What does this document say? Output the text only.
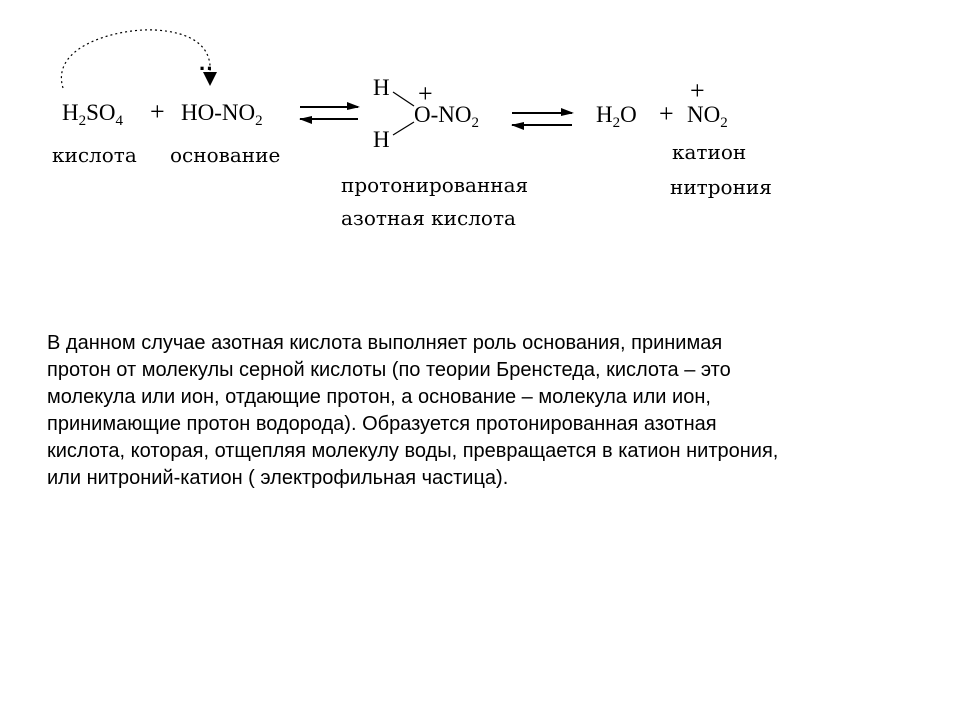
$H_2SO_4$ +
··
$HO-NO_2$
кислота основание
H
H
+
$O-NO_2$
протонированная
азотная кислота
$H_2O$ +
+
$NO_2$
катион
нитрония

В данном случае азотная кислота выполняет роль основания, принимая

протон от молекулы серной кислоты (по теории Бренстеда, кислота – это

молекула или ион, отдающие протон, а основание – молекула или ион,

принимающие протон водорода). Образуется протонированная азотная

кислота, которая, отщепляя молекулу воды, превращается в катион нитрония,

или нитроний-катион ( электрофильная частица).
